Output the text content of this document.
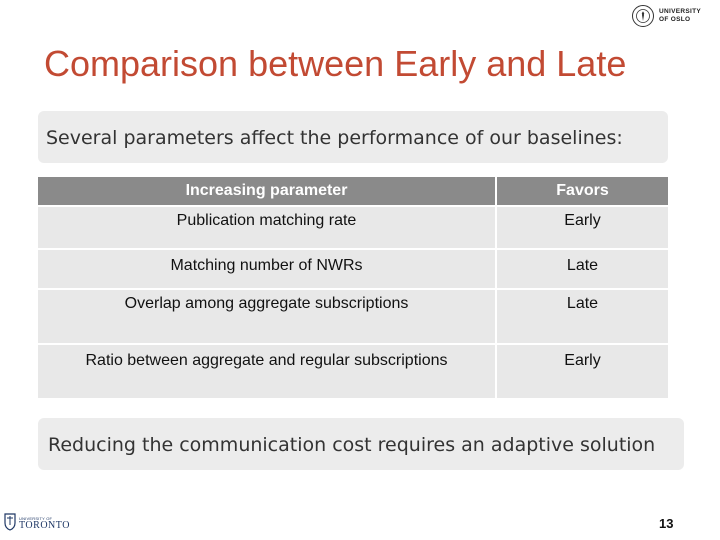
UNIVERSITY
OF OSLO
Comparison between Early and Late
Several parameters affect the performance of our baselines:
Increasing parameter	Favors
Publication matching rate	Early
Matching number of NWRs	Late
Overlap among aggregate subscriptions	Late
Ratio between aggregate and regular subscriptions	Early
Reducing the communication cost requires an adaptive solution
UNIVERSITY OF
TORONTO	13
